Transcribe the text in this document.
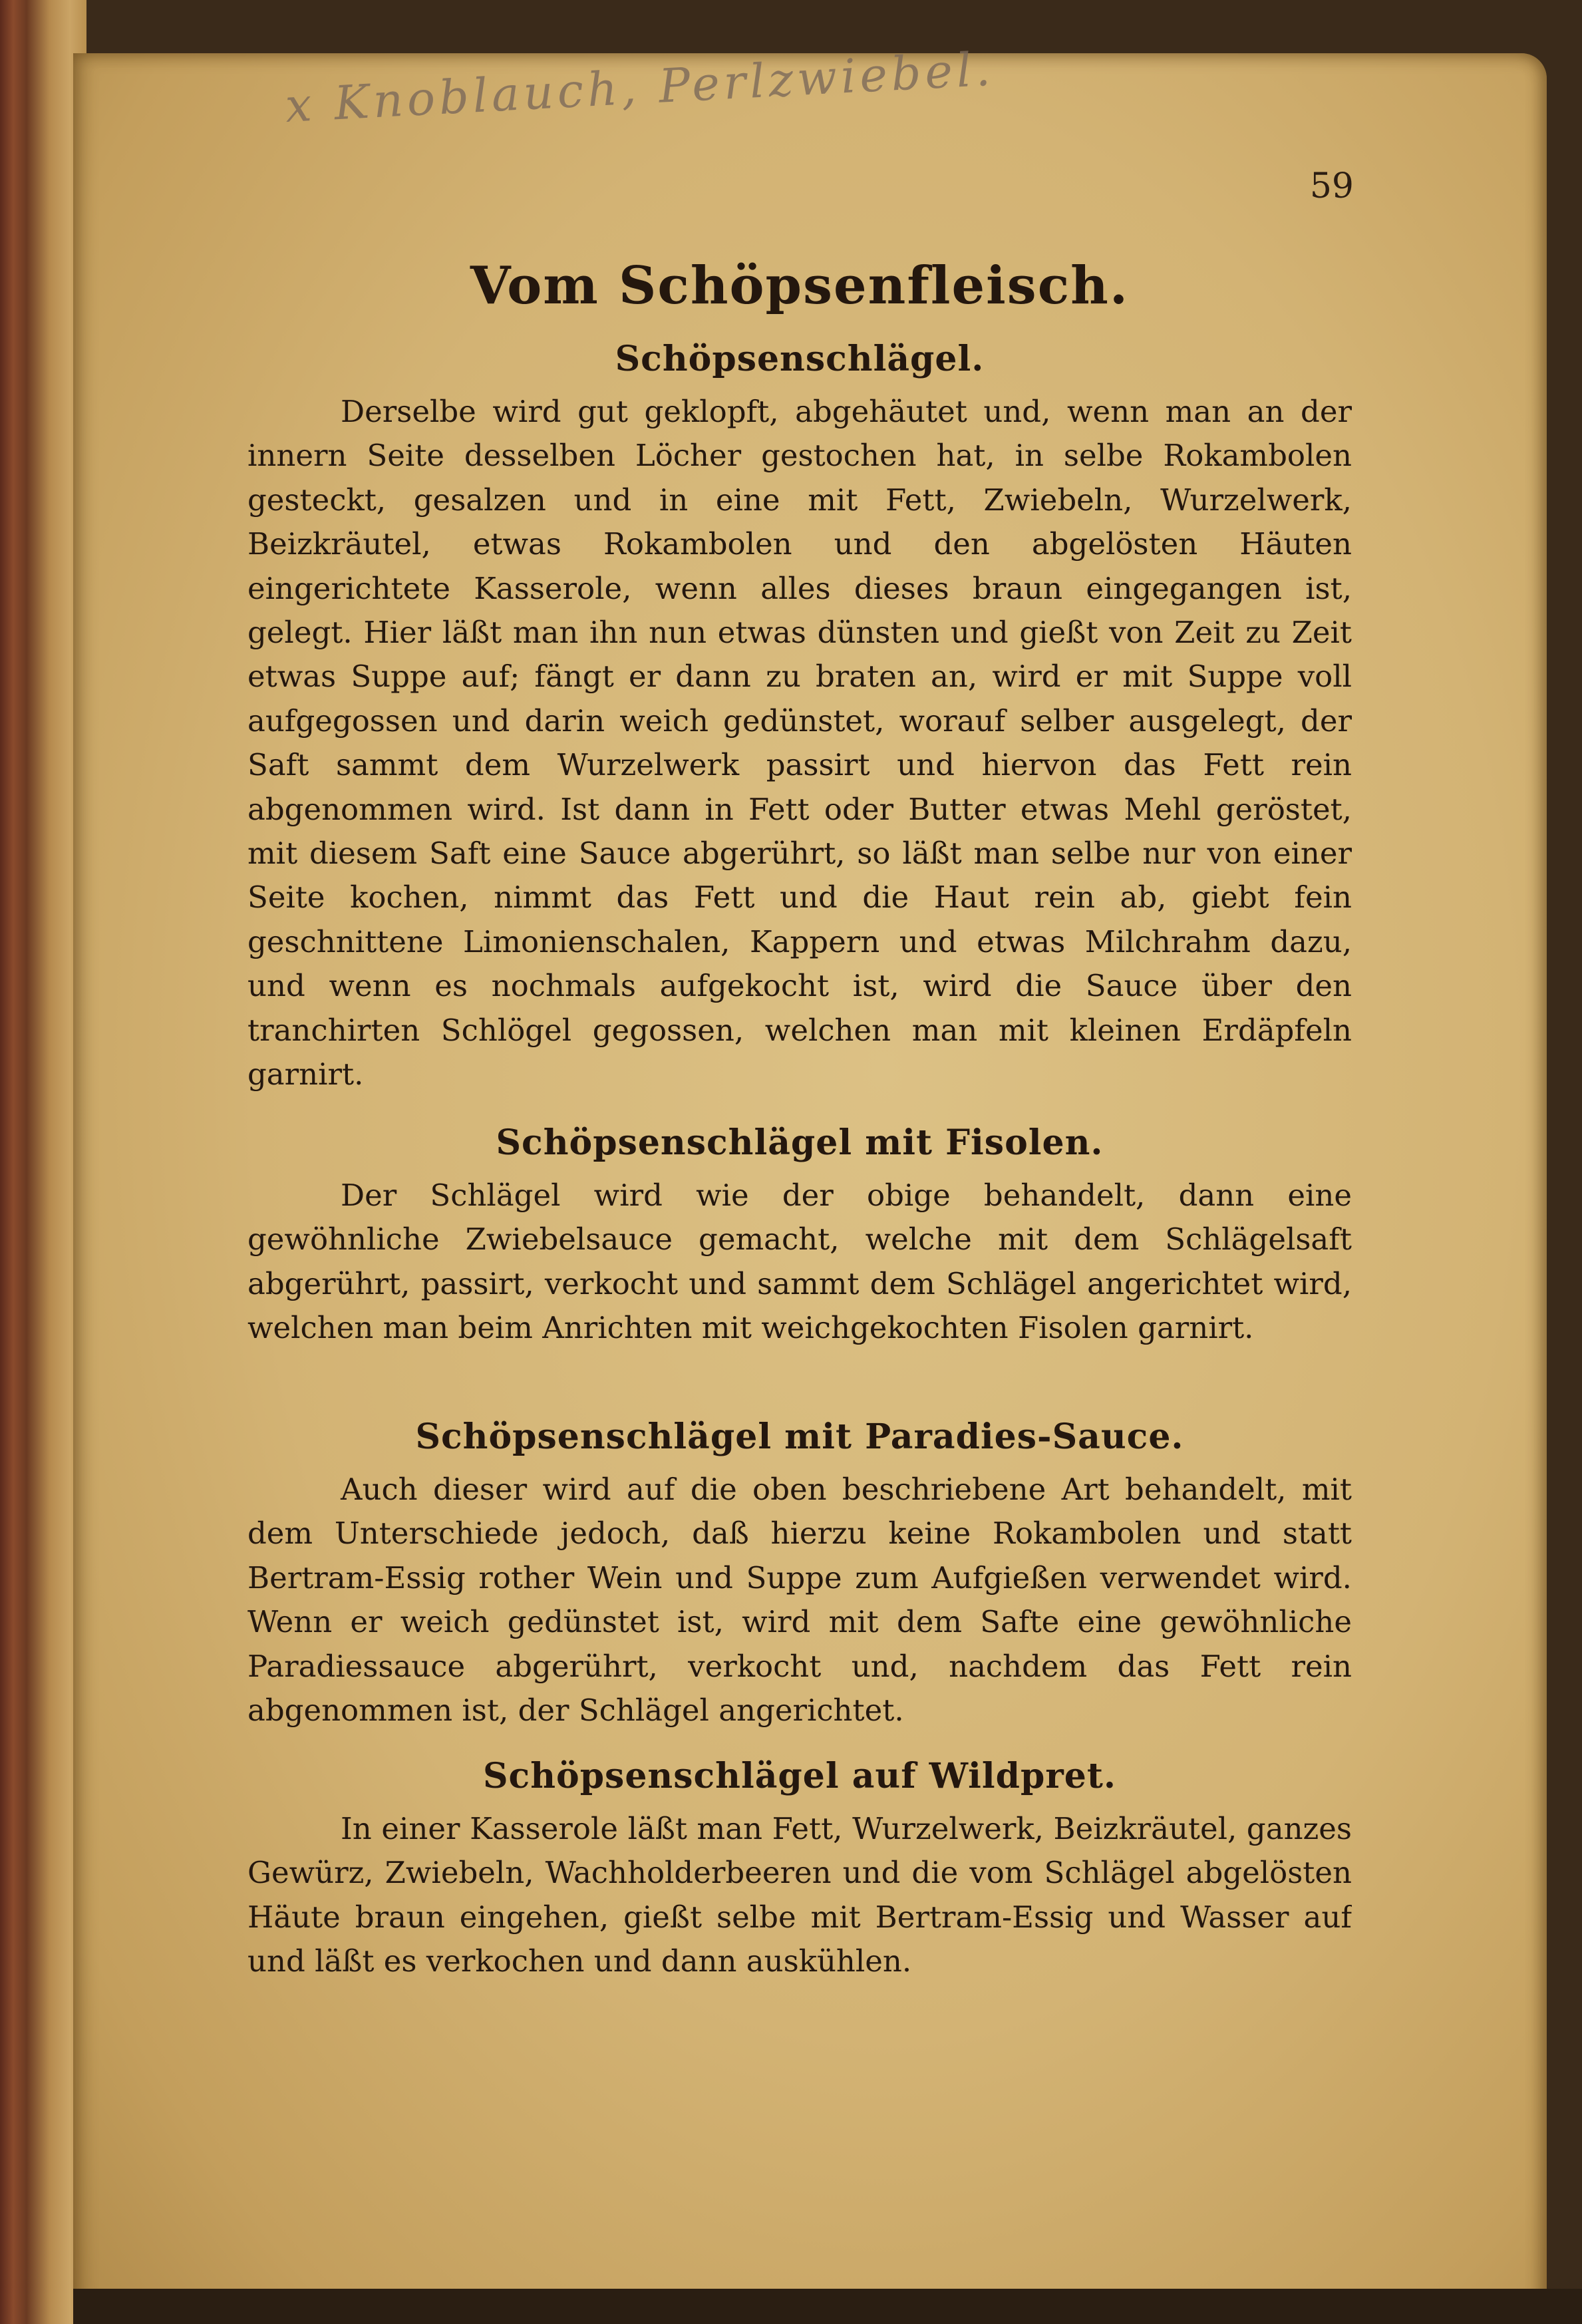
x Knoblauch, Perlzwiebel.
59
Vom Schöpsenfleisch.
Schöpsenschlägel.

Derselbe wird gut geklopft, abgehäutet und, wenn man an der innern Seite desselben Löcher gestochen hat, in selbe Rokambolen gesteckt, gesalzen und in eine mit Fett, Zwiebeln, Wurzelwerk, Beizkräutel, etwas Rokambolen und den abgelösten Häuten eingerichtete Kasserole, wenn alles dieses braun eingegangen ist, gelegt. Hier läßt man ihn nun etwas dünsten und gießt von Zeit zu Zeit etwas Suppe auf; fängt er dann zu braten an, wird er mit Suppe voll aufgegossen und darin weich gedünstet, worauf selber ausgelegt, der Saft sammt dem Wurzelwerk passirt und hiervon das Fett rein abgenommen wird. Ist dann in Fett oder Butter etwas Mehl geröstet, mit diesem Saft eine Sauce abgerührt, so läßt man selbe nur von einer Seite kochen, nimmt das Fett und die Haut rein ab, giebt fein geschnittene Limonienschalen, Kappern und etwas Milchrahm dazu, und wenn es nochmals aufgekocht ist, wird die Sauce über den tranchirten Schlögel gegossen, welchen man mit kleinen Erdäpfeln garnirt.

Schöpsenschlägel mit Fisolen.

Der Schlägel wird wie der obige behandelt, dann eine gewöhnliche Zwiebelsauce gemacht, welche mit dem Schlägelsaft abgerührt, passirt, verkocht und sammt dem Schlägel angerichtet wird, welchen man beim Anrichten mit weichgekochten Fisolen garnirt.

Schöpsenschlägel mit Paradies-Sauce.

Auch dieser wird auf die oben beschriebene Art behandelt, mit dem Unterschiede jedoch, daß hierzu keine Rokambolen und statt Bertram-Essig rother Wein und Suppe zum Aufgießen verwendet wird. Wenn er weich gedünstet ist, wird mit dem Safte eine gewöhnliche Paradiessauce abgerührt, verkocht und, nachdem das Fett rein abgenommen ist, der Schlägel angerichtet.

Schöpsenschlägel auf Wildpret.

In einer Kasserole läßt man Fett, Wurzelwerk, Beizkräutel, ganzes Gewürz, Zwiebeln, Wachholderbeeren und die vom Schlägel abgelösten Häute braun eingehen, gießt selbe mit Bertram-Essig und Wasser auf und läßt es verkochen und dann auskühlen.
